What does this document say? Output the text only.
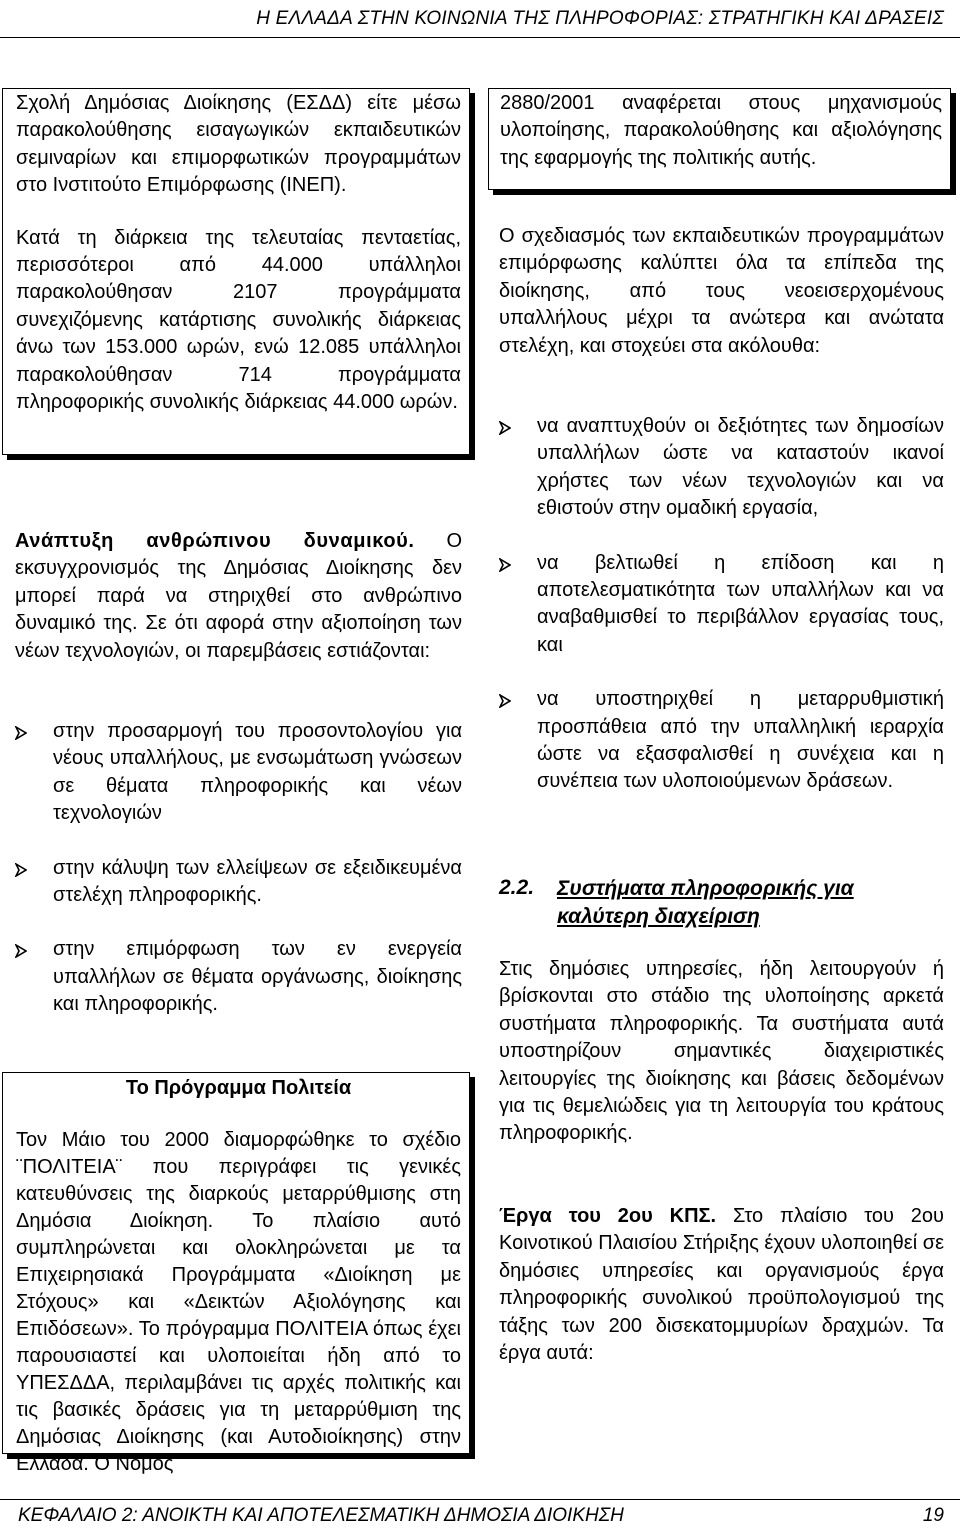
Η ΕΛΛΑΔΑ ΣΤΗΝ ΚΟΙΝΩΝΙΑ ΤΗΣ ΠΛΗΡΟΦΟΡΙΑΣ: ΣΤΡΑΤΗΓΙΚΗ ΚΑΙ ΔΡΑΣΕΙΣ

Σχολή Δημόσιας Διοίκησης (ΕΣΔΔ) είτε μέσω παρακολούθησης εισαγωγικών εκπαιδευτικών σεμιναρίων και επιμορφωτικών προγραμμάτων στο Ινστιτούτο Επιμόρφωσης (ΙΝΕΠ).

Κατά τη διάρκεια της τελευταίας πενταετίας, περισσότεροι από 44.000 υπάλληλοι παρακολούθησαν 2107 προγράμματα συνεχιζόμενης κατάρτισης συνολικής διάρκειας άνω των 153.000 ωρών, ενώ 12.085 υπάλληλοι παρακολούθησαν 714 προγράμματα πληροφορικής συνολικής διάρκειας 44.000 ωρών.

Ανάπτυξη ανθρώπινου δυναμικού. Ο εκσυγχρονισμός της Δημόσιας Διοίκησης δεν μπορεί παρά να στηριχθεί στο ανθρώπινο δυναμικό της. Σε ότι αφορά στην αξιοποίηση των νέων τεχνολογιών, οι παρεμβάσεις εστιάζονται:
στην προσαρμογή του προσοντολογίου για νέους υπαλλήλους, με ενσωμάτωση γνώσεων σε θέματα πληροφορικής και νέων τεχνολογιών
στην κάλυψη των ελλείψεων σε εξειδικευμένα στελέχη πληροφορικής.
στην επιμόρφωση των εν ενεργεία υπαλλήλων σε θέματα οργάνωσης, διοίκησης και πληροφορικής.

Το Πρόγραμμα Πολιτεία

Τον Μάιο του 2000 διαμορφώθηκε το σχέδιο ¨ΠΟΛΙΤΕΙΑ¨ που περιγράφει τις γενικές κατευθύνσεις της διαρκούς μεταρρύθμισης στη Δημόσια Διοίκηση. Το πλαίσιο αυτό συμπληρώνεται και ολοκληρώνεται με τα Επιχειρησιακά Προγράμματα «Διοίκηση με Στόχους» και «Δεικτών Αξιολόγησης και Επιδόσεων». Το πρόγραμμα ΠΟΛΙΤΕΙΑ όπως έχει παρουσιαστεί και υλοποιείται ήδη από το ΥΠΕΣΔΔΑ, περιλαμβάνει τις αρχές πολιτικής και τις βασικές δράσεις για τη μεταρρύθμιση της Δημόσιας Διοίκησης (και Αυτοδιοίκησης) στην Ελλάδα. Ο Νόμος

2880/2001 αναφέρεται στους μηχανισμούς υλοποίησης, παρακολούθησης και αξιολόγησης της εφαρμογής της πολιτικής αυτής.

Ο σχεδιασμός των εκπαιδευτικών προγραμμάτων επιμόρφωσης καλύπτει όλα τα επίπεδα της διοίκησης, από τους νεοεισερχομένους υπαλλήλους μέχρι τα ανώτερα και ανώτατα στελέχη, και στοχεύει στα ακόλουθα:

να αναπτυχθούν οι δεξιότητες των δημοσίων υπαλλήλων ώστε να καταστούν ικανοί χρήστες των νέων τεχνολογιών και να εθιστούν στην ομαδική εργασία,
να βελτιωθεί η επίδοση και η αποτελεσματικότητα των υπαλλήλων και να αναβαθμισθεί το περιβάλλον εργασίας τους, και
να υποστηριχθεί η μεταρρυθμιστική προσπάθεια από την υπαλληλική ιεραρχία ώστε να εξασφαλισθεί η συνέχεια και η συνέπεια των υλοποιούμενων δράσεων.
2.2. Συστήματα πληροφορικής για καλύτερη διαχείριση

Στις δημόσιες υπηρεσίες, ήδη λειτουργούν ή βρίσκονται στο στάδιο της υλοποίησης αρκετά συστήματα πληροφορικής. Τα συστήματα αυτά υποστηρίζουν σημαντικές διαχειριστικές λειτουργίες της διοίκησης και βάσεις δεδομένων για τις θεμελιώδεις για τη λειτουργία του κράτους πληροφορικής.

Έργα του 2ου ΚΠΣ. Στο πλαίσιο του 2ου Κοινοτικού Πλαισίου Στήριξης έχουν υλοποιηθεί σε δημόσιες υπηρεσίες και οργανισμούς έργα πληροφορικής συνολικού προϋπολογισμού της τάξης των 200 δισεκατομμυρίων δραχμών. Τα έργα αυτά:
ΚΕΦΑΛΑΙΟ 2: ΑΝΟΙΚΤΗ ΚΑΙ ΑΠΟΤΕΛΕΣΜΑΤΙΚΗ ΔΗΜΟΣΙΑ ΔΙΟΙΚΗΣΗ	19
